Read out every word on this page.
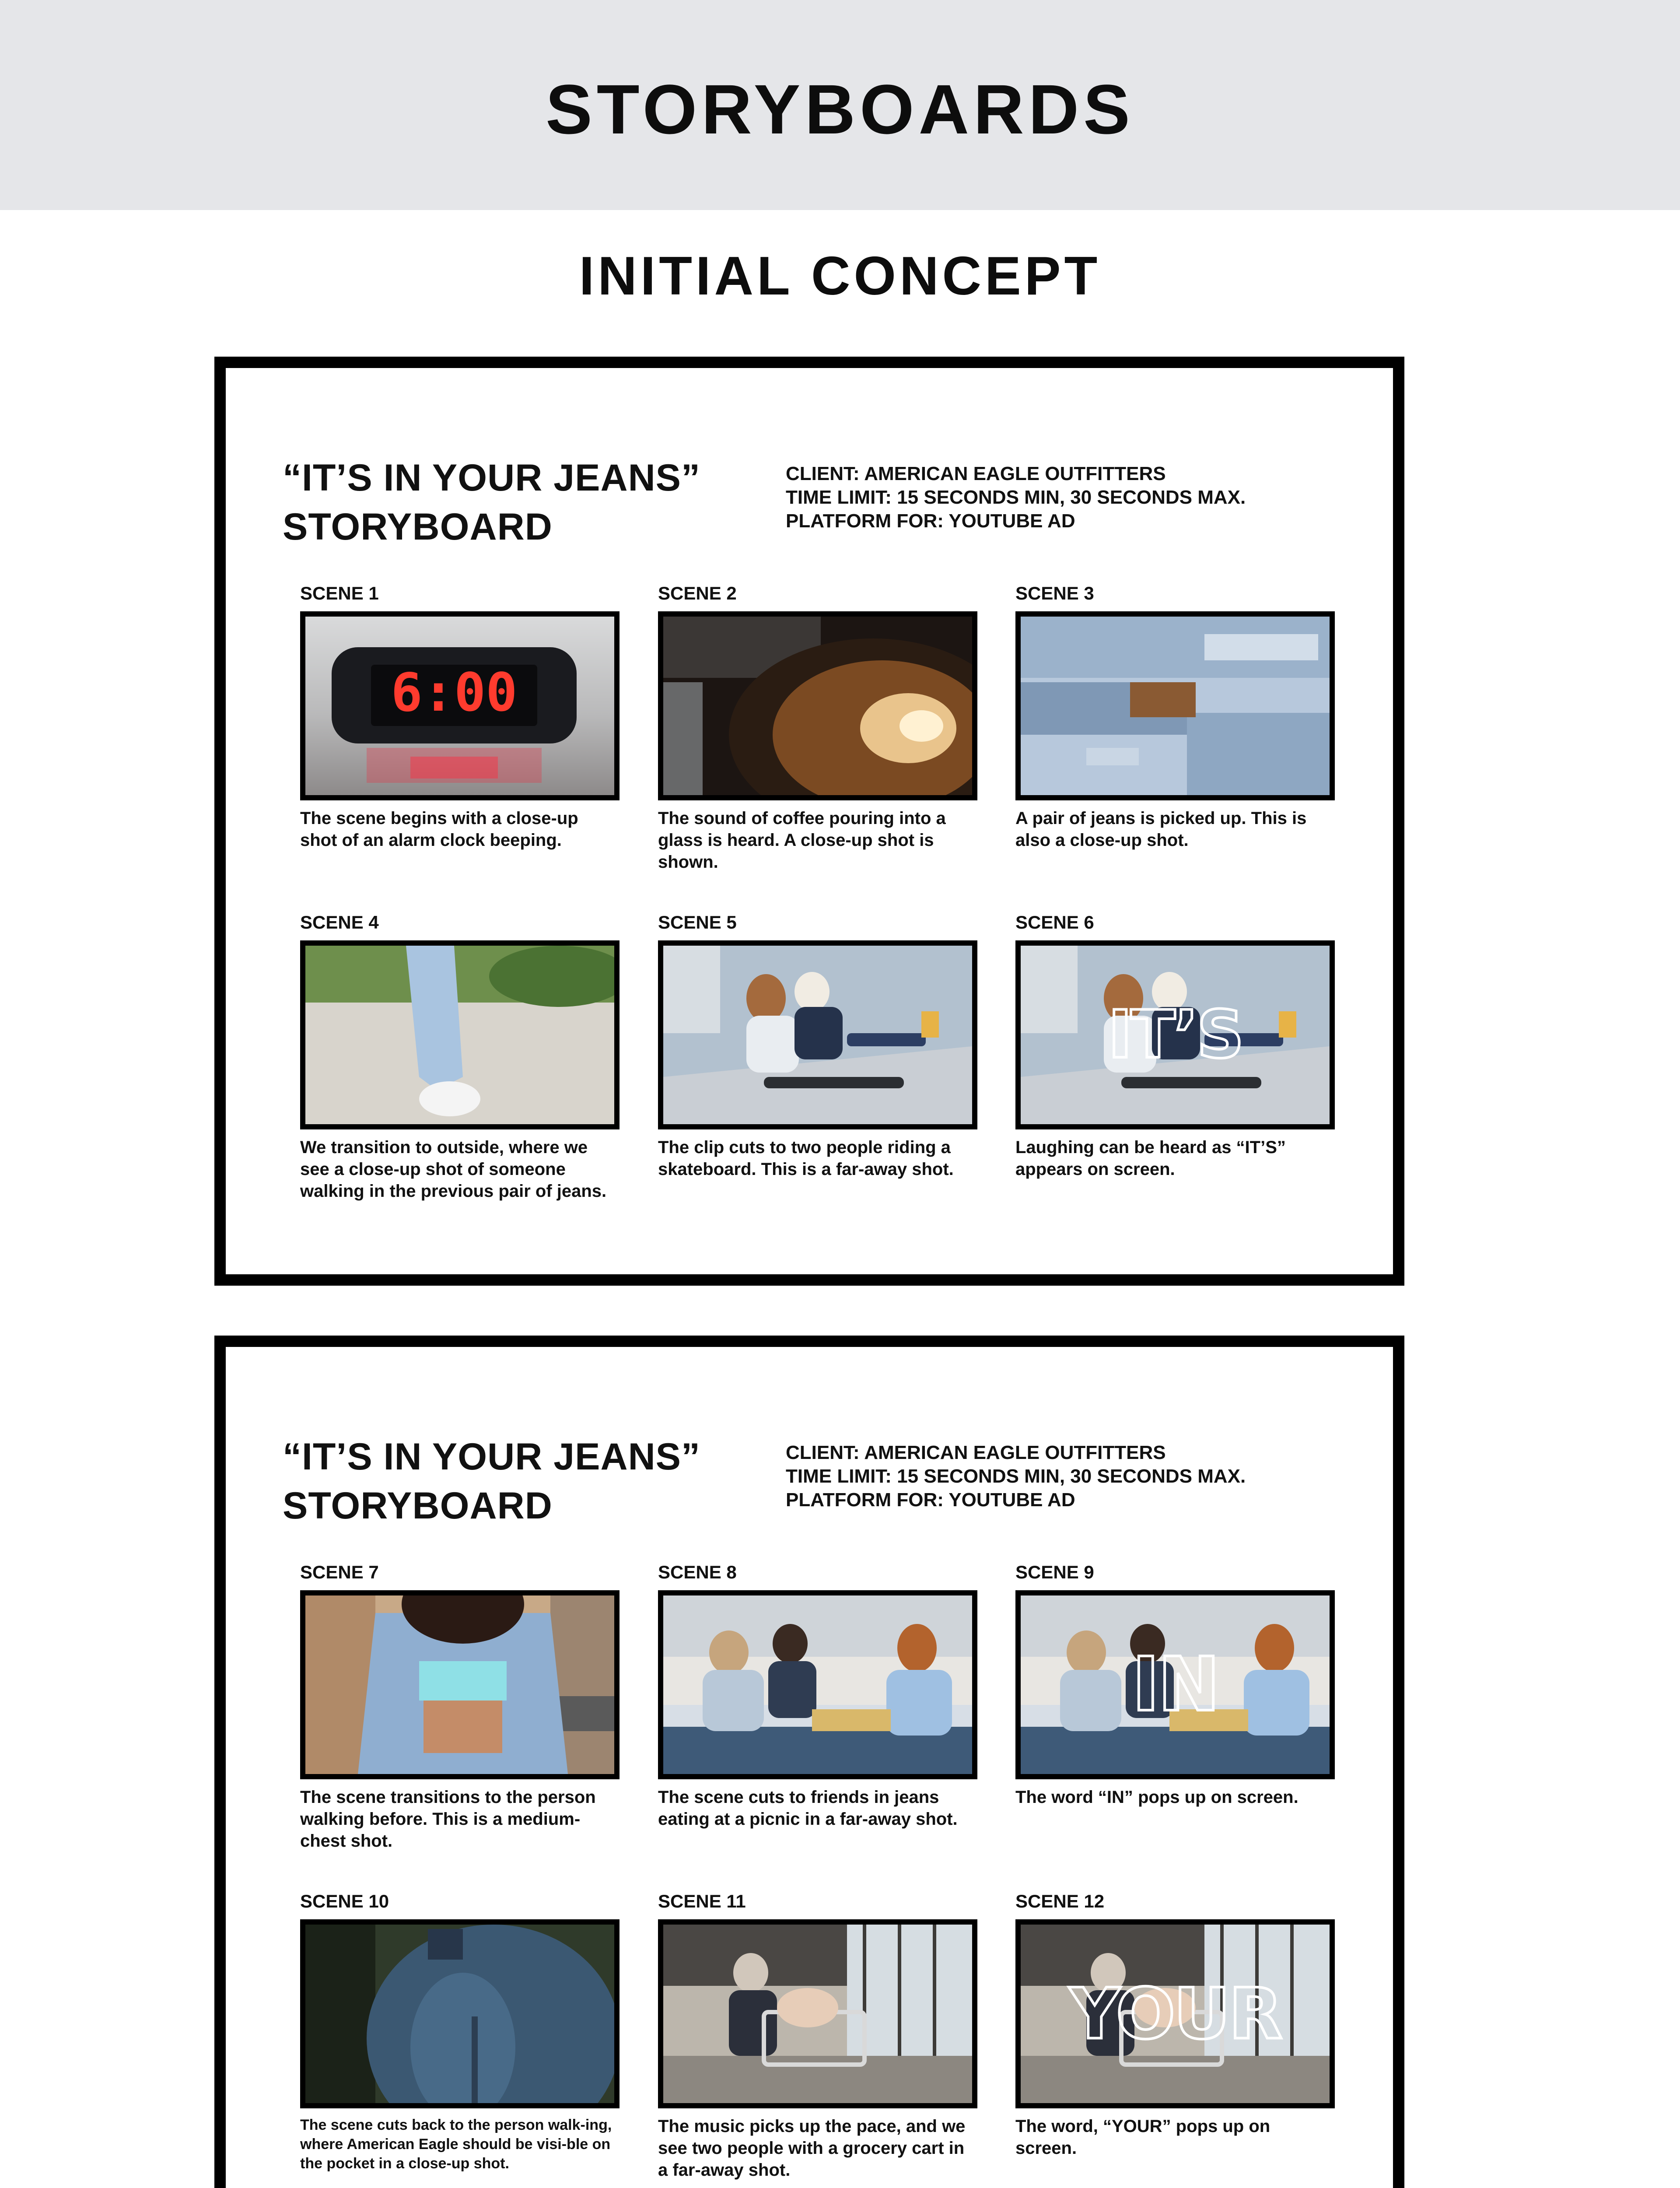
STORYBOARDS
INITIAL CONCEPT
“IT’S IN YOUR JEANS”
STORYBOARD
CLIENT: AMERICAN EAGLE OUTFITTERS
TIME LIMIT: 15 SECONDS MIN, 30 SECONDS MAX.
PLATFORM FOR: YOUTUBE AD
SCENE 1
6:00
The scene begins with a close-up shot of an alarm clock beeping.
SCENE 2
The sound of coffee pouring into a glass is heard. A close-up shot is shown.
SCENE 3
A pair of jeans is picked up. This is also a close-up shot.
SCENE 4
We transition to outside, where we see a close-up shot of someone walking in the previous pair of jeans.
SCENE 5
The clip cuts to two people riding a skateboard. This is a far-away shot.
SCENE 6
IT’S
Laughing can be heard as “IT’S” appears on screen.
“IT’S IN YOUR JEANS”
STORYBOARD
CLIENT: AMERICAN EAGLE OUTFITTERS
TIME LIMIT: 15 SECONDS MIN, 30 SECONDS MAX.
PLATFORM FOR: YOUTUBE AD
SCENE 7
The scene transitions to the person walking before. This is a medium-chest shot.
SCENE 8
The scene cuts to friends in jeans eating at a picnic in a far-away shot.
SCENE 9
IN
The word “IN” pops up on screen.
SCENE 10
The scene cuts back to the person walk-ing, where American Eagle should be visi-ble on the pocket in a close-up shot.
SCENE 11
The music picks up the pace, and we see two people with a grocery cart in a far-away shot.
SCENE 12
YOUR
The word, “YOUR” pops up on screen.
